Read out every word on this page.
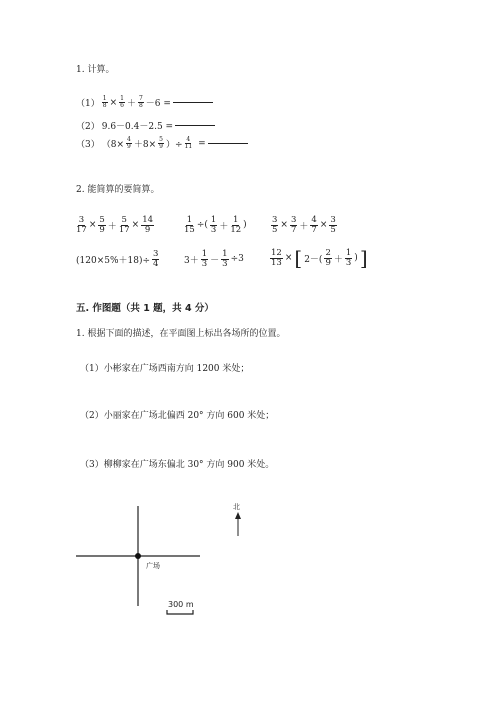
1. 计算。
$(1) \frac{1}{8} \times \frac{1}{6} + \frac{7}{8} -6$ =
（2） 9.6－0.4－2.5 =
（3） （$8\times \frac{4}{9} +8\times \frac{5}{9}$ ）÷ $\frac{4}{11}$ =
2. 能简算的要简算。
$\frac{3}{17} \times \frac{5}{9} + \frac{5}{17} \times \frac{14}{9}$	$\frac{1}{15}$ ÷( $\frac{1}{3} + \frac{1}{12}$ )	$\frac{3}{5} \times \frac{3}{7} + \frac{4}{7} \times \frac{3}{5}$
$(120\times 5\%+18)\div \frac{3}{4}$	$3+ \frac{1}{3} - \frac{1}{3} \div 3$	$\frac{12}{13}$ × [ $2-( \frac{2}{9} + \frac{1}{3}$ ) ]
五. 作图题（共 1 题，共 4 分）
1. 根据下面的描述，在平面图上标出各场所的位置。
（1）小彬家在广场西南方向 1200 米处；
（2）小丽家在广场北偏西 20° 方向 600 米处；
（3）柳柳家在广场东偏北 30° 方向 900 米处。
北
广场
300 m
